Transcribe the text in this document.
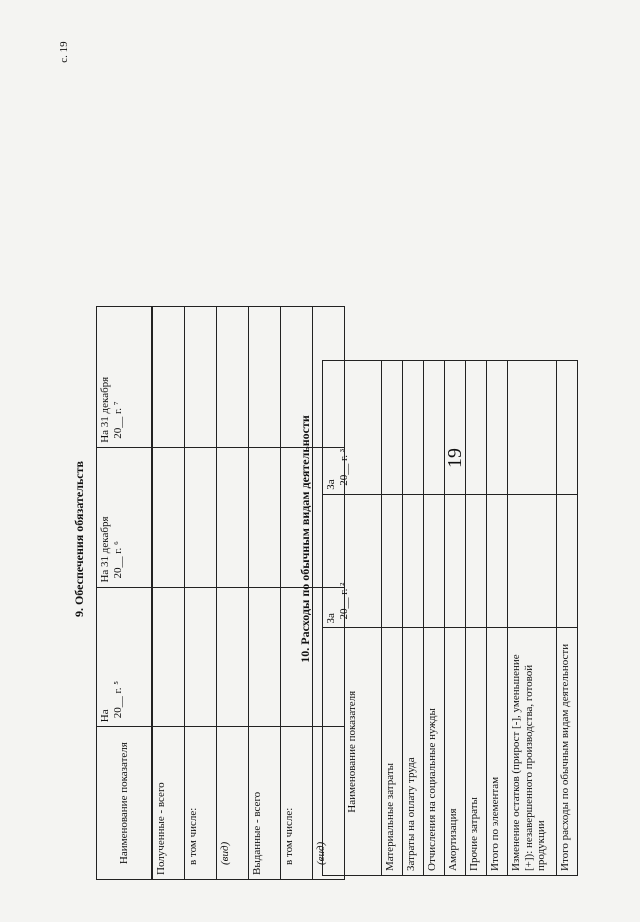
19
с. 19
9. Обеспечения обязательств
Наименование показателя	На 20__ г. ⁵	На 31 декабря 20__ г. ⁶	На 31 декабря 20__ г. ⁷

Полученные - всего			
в том числе:			
(вид)			
Выданные - всего			
в том числе:			
(вид)			
10. Расходы по обычным видам деятельности
Наименование показателя	За 20__ г. ²	За 20__ г. ³

Материальные затраты		
Затраты на оплату труда		
Отчисления на социальные нужды		
Амортизация		
Прочие затраты		
Итого по элементам		
Изменение остатков (прирост [-], уменьшение [+]): незавершенного производства, готовой продукции		
Итого расходы по обычным видам деятельности		
